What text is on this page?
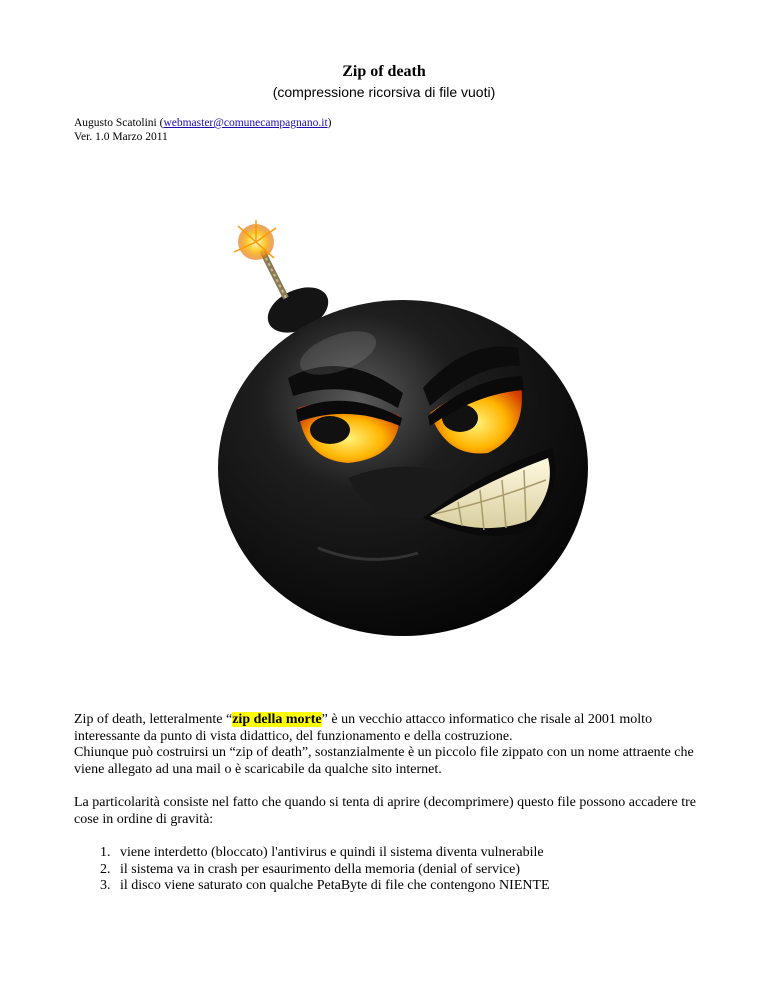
Zip of death
(compressione ricorsiva di file vuoti)
Augusto Scatolini (webmaster@comunecampagnano.it)
Ver. 1.0 Marzo 2011

Zip of death, letteralmente “zip della morte” è un vecchio attacco informatico che risale al 2001 molto interessante da punto di vista didattico, del funzionamento e della costruzione.
Chiunque può costruirsi un “zip of death”, sostanzialmente è un piccolo file zippato con un nome attraente che viene allegato ad una mail o è scaricabile da qualche sito internet.

La particolarità consiste nel fatto che quando si tenta di aprire (decomprimere) questo file possono accadere tre cose in ordine di gravità:

1. viene interdetto (bloccato) l'antivirus e quindi il sistema diventa vulnerabile
2. il sistema va in crash per esaurimento della memoria (denial of service)
3. il disco viene saturato con qualche PetaByte di file che contengono NIENTE
